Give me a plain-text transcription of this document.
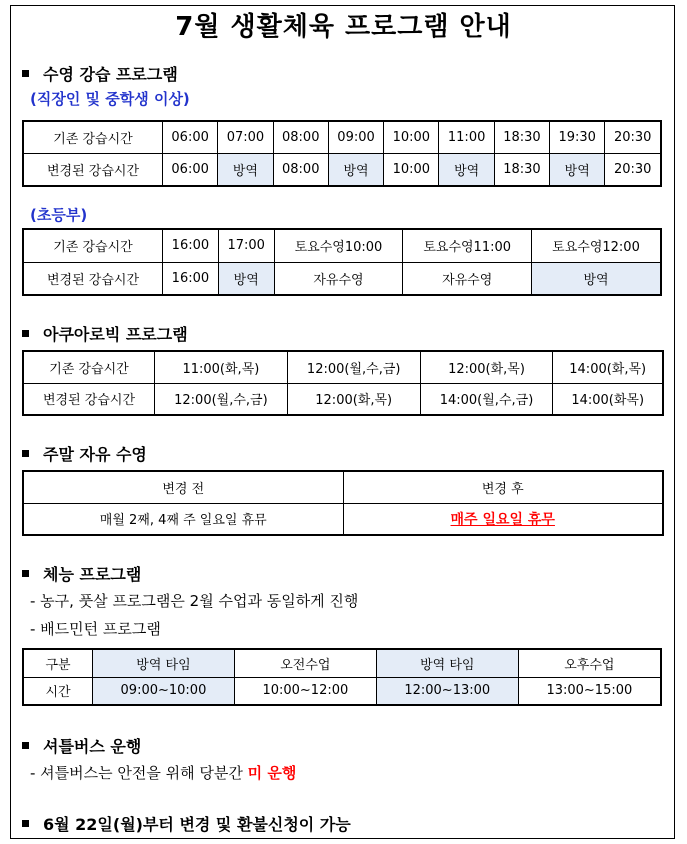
7월 생활체육 프로그램 안내
수영 강습 프로그램
(직장인 및 중학생 이상)
기존 강습시간	06:00	07:00	08:00	09:00	10:00	11:00	18:30	19:30	20:30
변경된 강습시간	06:00	방역	08:00	방역	10:00	방역	18:30	방역	20:30
(초등부)
기존 강습시간	16:00	17:00	토요수영10:00	토요수영11:00	토요수영12:00
변경된 강습시간	16:00	방역	자유수영	자유수영	방역
아쿠아로빅 프로그램
기존 강습시간	11:00(화,목)	12:00(월,수,금)	12:00(화,목)	14:00(화,목)
변경된 강습시간	12:00(월,수,금)	12:00(화,목)	14:00(월,수,금)	14:00(화목)
주말 자유 수영
변경 전	변경 후
매월 2째, 4째 주 일요일 휴뮤	매주 일요일 휴무
체능 프로그램
- 농구, 풋살 프로그램은 2월 수업과 동일하게 진행
- 배드민턴 프로그램
구분	방역 타임	오전수업	방역 타임	오후수업
시간	09:00~10:00	10:00~12:00	12:00~13:00	13:00~15:00
셔틀버스 운행
- 셔틀버스는 안전을 위해 당분간 미 운행
6월 22일(월)부터 변경 및 환불신청이 가능
